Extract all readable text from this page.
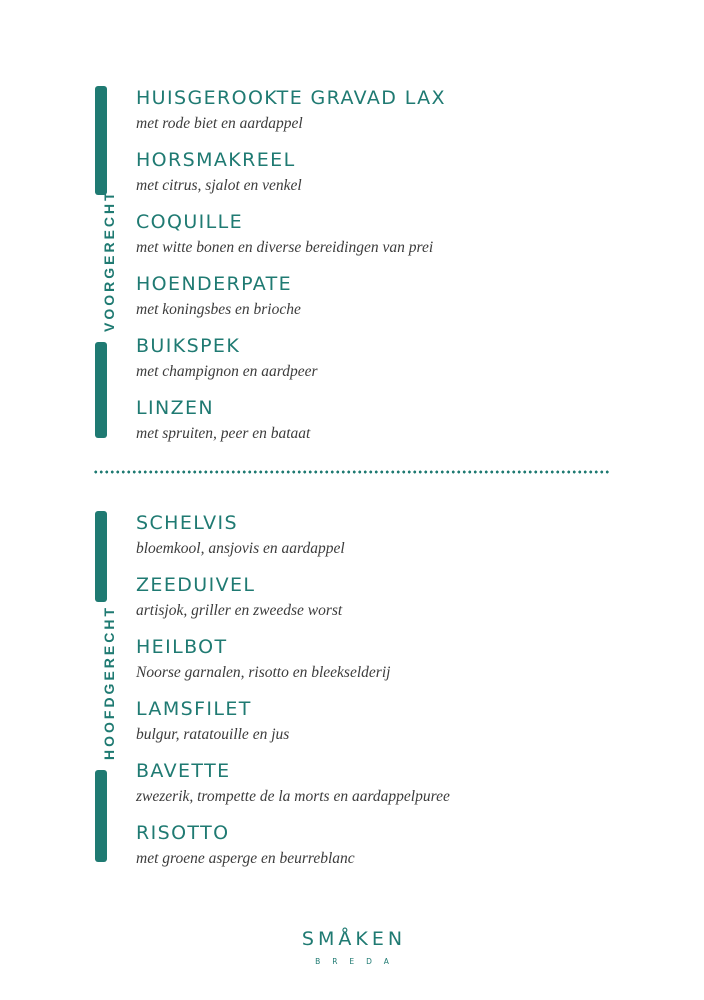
VOORGERECHT
HUISGEROOKTE GRAVAD LAX
met rode biet en aardappel
HORSMAKREEL
met citrus, sjalot en venkel
COQUILLE
met witte bonen en diverse bereidingen van prei
HOENDERPATE
met koningsbes en brioche
BUIKSPEK
met champignon en aardpeer
LINZEN
met spruiten, peer en bataat
HOOFDGERECHT
SCHELVIS
bloemkool, ansjovis en aardappel
ZEEDUIVEL
artisjok, griller en zweedse worst
HEILBOT
Noorse garnalen, risotto en bleekselderij
LAMSFILET
bulgur, ratatouille en jus
BAVETTE
zwezerik, trompette de la morts en aardappelpuree
RISOTTO
met groene asperge en beurreblanc
SMÅKEN
BREDA
